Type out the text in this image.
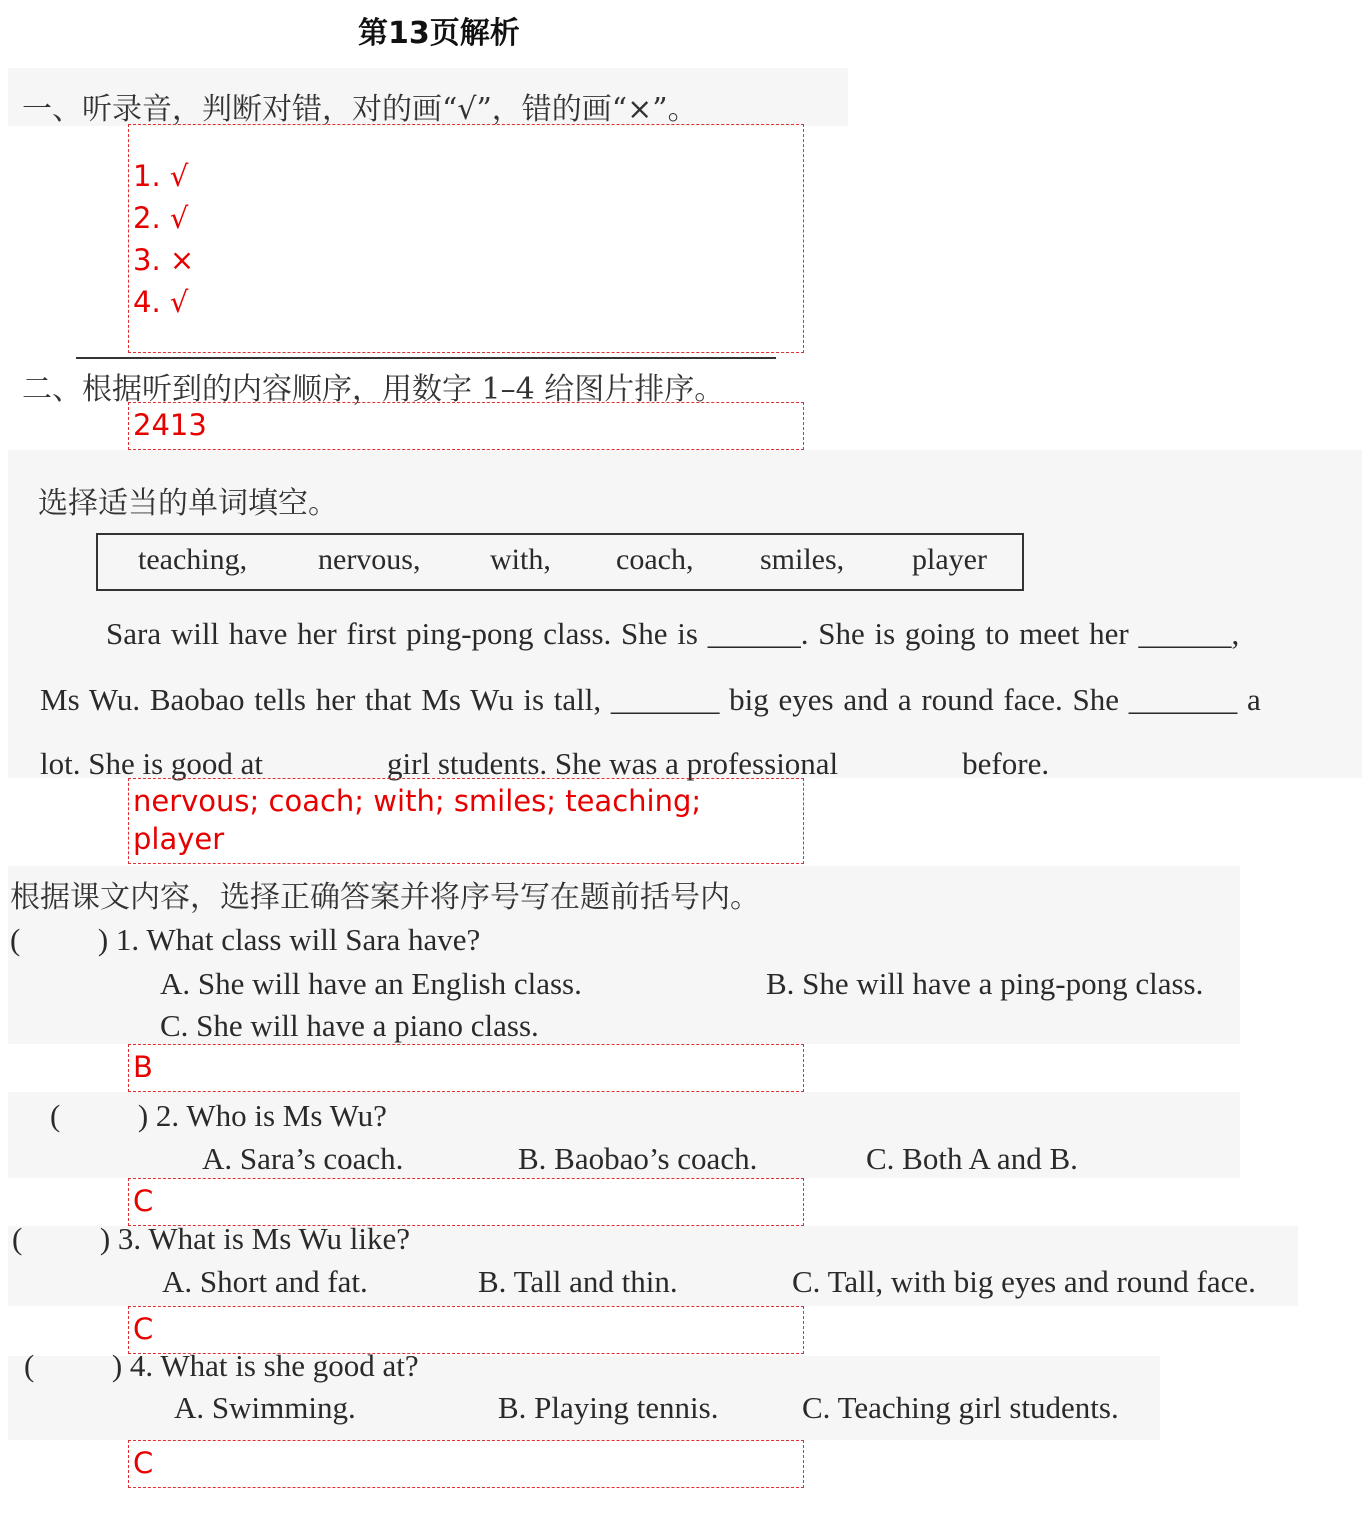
第13页解析
一、听录音，判断对错，对的画“√”，错的画“×”。
1. √
2. √
3. ×
4. √
二、根据听到的内容顺序，用数字 1–4 给图片排序。
2413
选择适当的单词填空。
teaching, nervous, with, coach, smiles, player
Sara will have her first ping-pong class. She is ______. She is going to meet her ______,
Ms Wu. Baobao tells her that Ms Wu is tall, _______ big eyes and a round face. She _______ a
lot. She is good at                girl students. She was a professional                before.
nervous; coach; with; smiles; teaching; player
根据课文内容，选择正确答案并将序号写在题前括号内。
(          ) 1. What class will Sara have?
A. She will have an English class.	B. She will have a ping-pong class.
C. She will have a piano class.
B
(          ) 2. Who is Ms Wu?
A. Sara’s coach.	B. Baobao’s coach.	C. Both A and B.
C
(          ) 3. What is Ms Wu like?
A. Short and fat.	B. Tall and thin.	C. Tall, with big eyes and round face.
C
(          ) 4. What is she good at?
A. Swimming.	B. Playing tennis.	C. Teaching girl students.
C
